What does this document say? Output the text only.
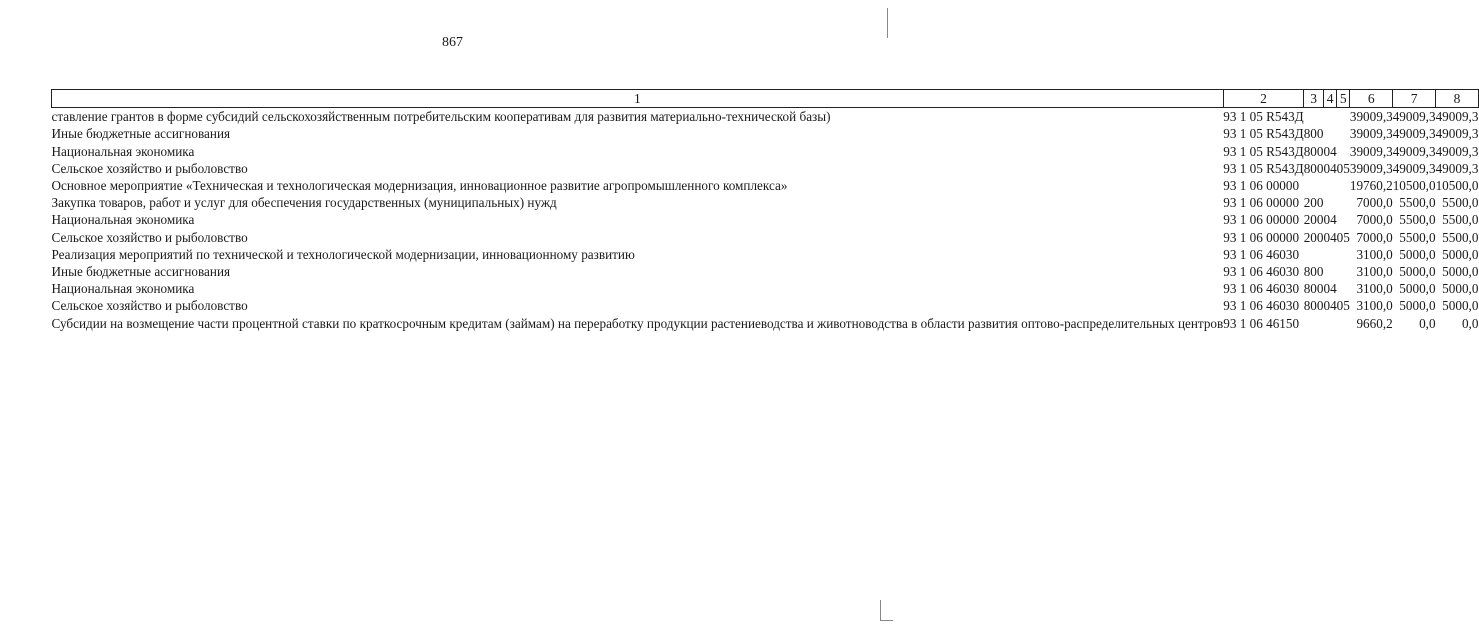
867
1	2	3	4	5	6	7	8
ставление грантов в форме субсидий сельскохозяйственным потребительским кооперативам для развития материально-технической базы)	93 1 05 R543Д				39009,3	49009,3	49009,3
Иные бюджетные ассигнования	93 1 05 R543Д	800			39009,3	49009,3	49009,3
Национальная экономика	93 1 05 R543Д	800	04		39009,3	49009,3	49009,3
Сельское хозяйство и рыболовство	93 1 05 R543Д	800	04	05	39009,3	49009,3	49009,3
Основное мероприятие «Техническая и технологическая модернизация, инновационное развитие агропромышленного комплекса»	93 1 06 00000				19760,2	10500,0	10500,0
Закупка товаров, работ и услуг для обеспечения государственных (муниципальных) нужд	93 1 06 00000	200			7000,0	5500,0	5500,0
Национальная экономика	93 1 06 00000	200	04		7000,0	5500,0	5500,0
Сельское хозяйство и рыболовство	93 1 06 00000	200	04	05	7000,0	5500,0	5500,0
Реализация мероприятий по технической и технологической модернизации, инновационному развитию	93 1 06 46030				3100,0	5000,0	5000,0
Иные бюджетные ассигнования	93 1 06 46030	800			3100,0	5000,0	5000,0
Национальная экономика	93 1 06 46030	800	04		3100,0	5000,0	5000,0
Сельское хозяйство и рыболовство	93 1 06 46030	800	04	05	3100,0	5000,0	5000,0
Субсидии на возмещение части процентной ставки по краткосрочным кредитам (займам) на переработку продукции растениеводства и животноводства в области развития оптово-распределительных центров	93 1 06 46150				9660,2	0,0	0,0
